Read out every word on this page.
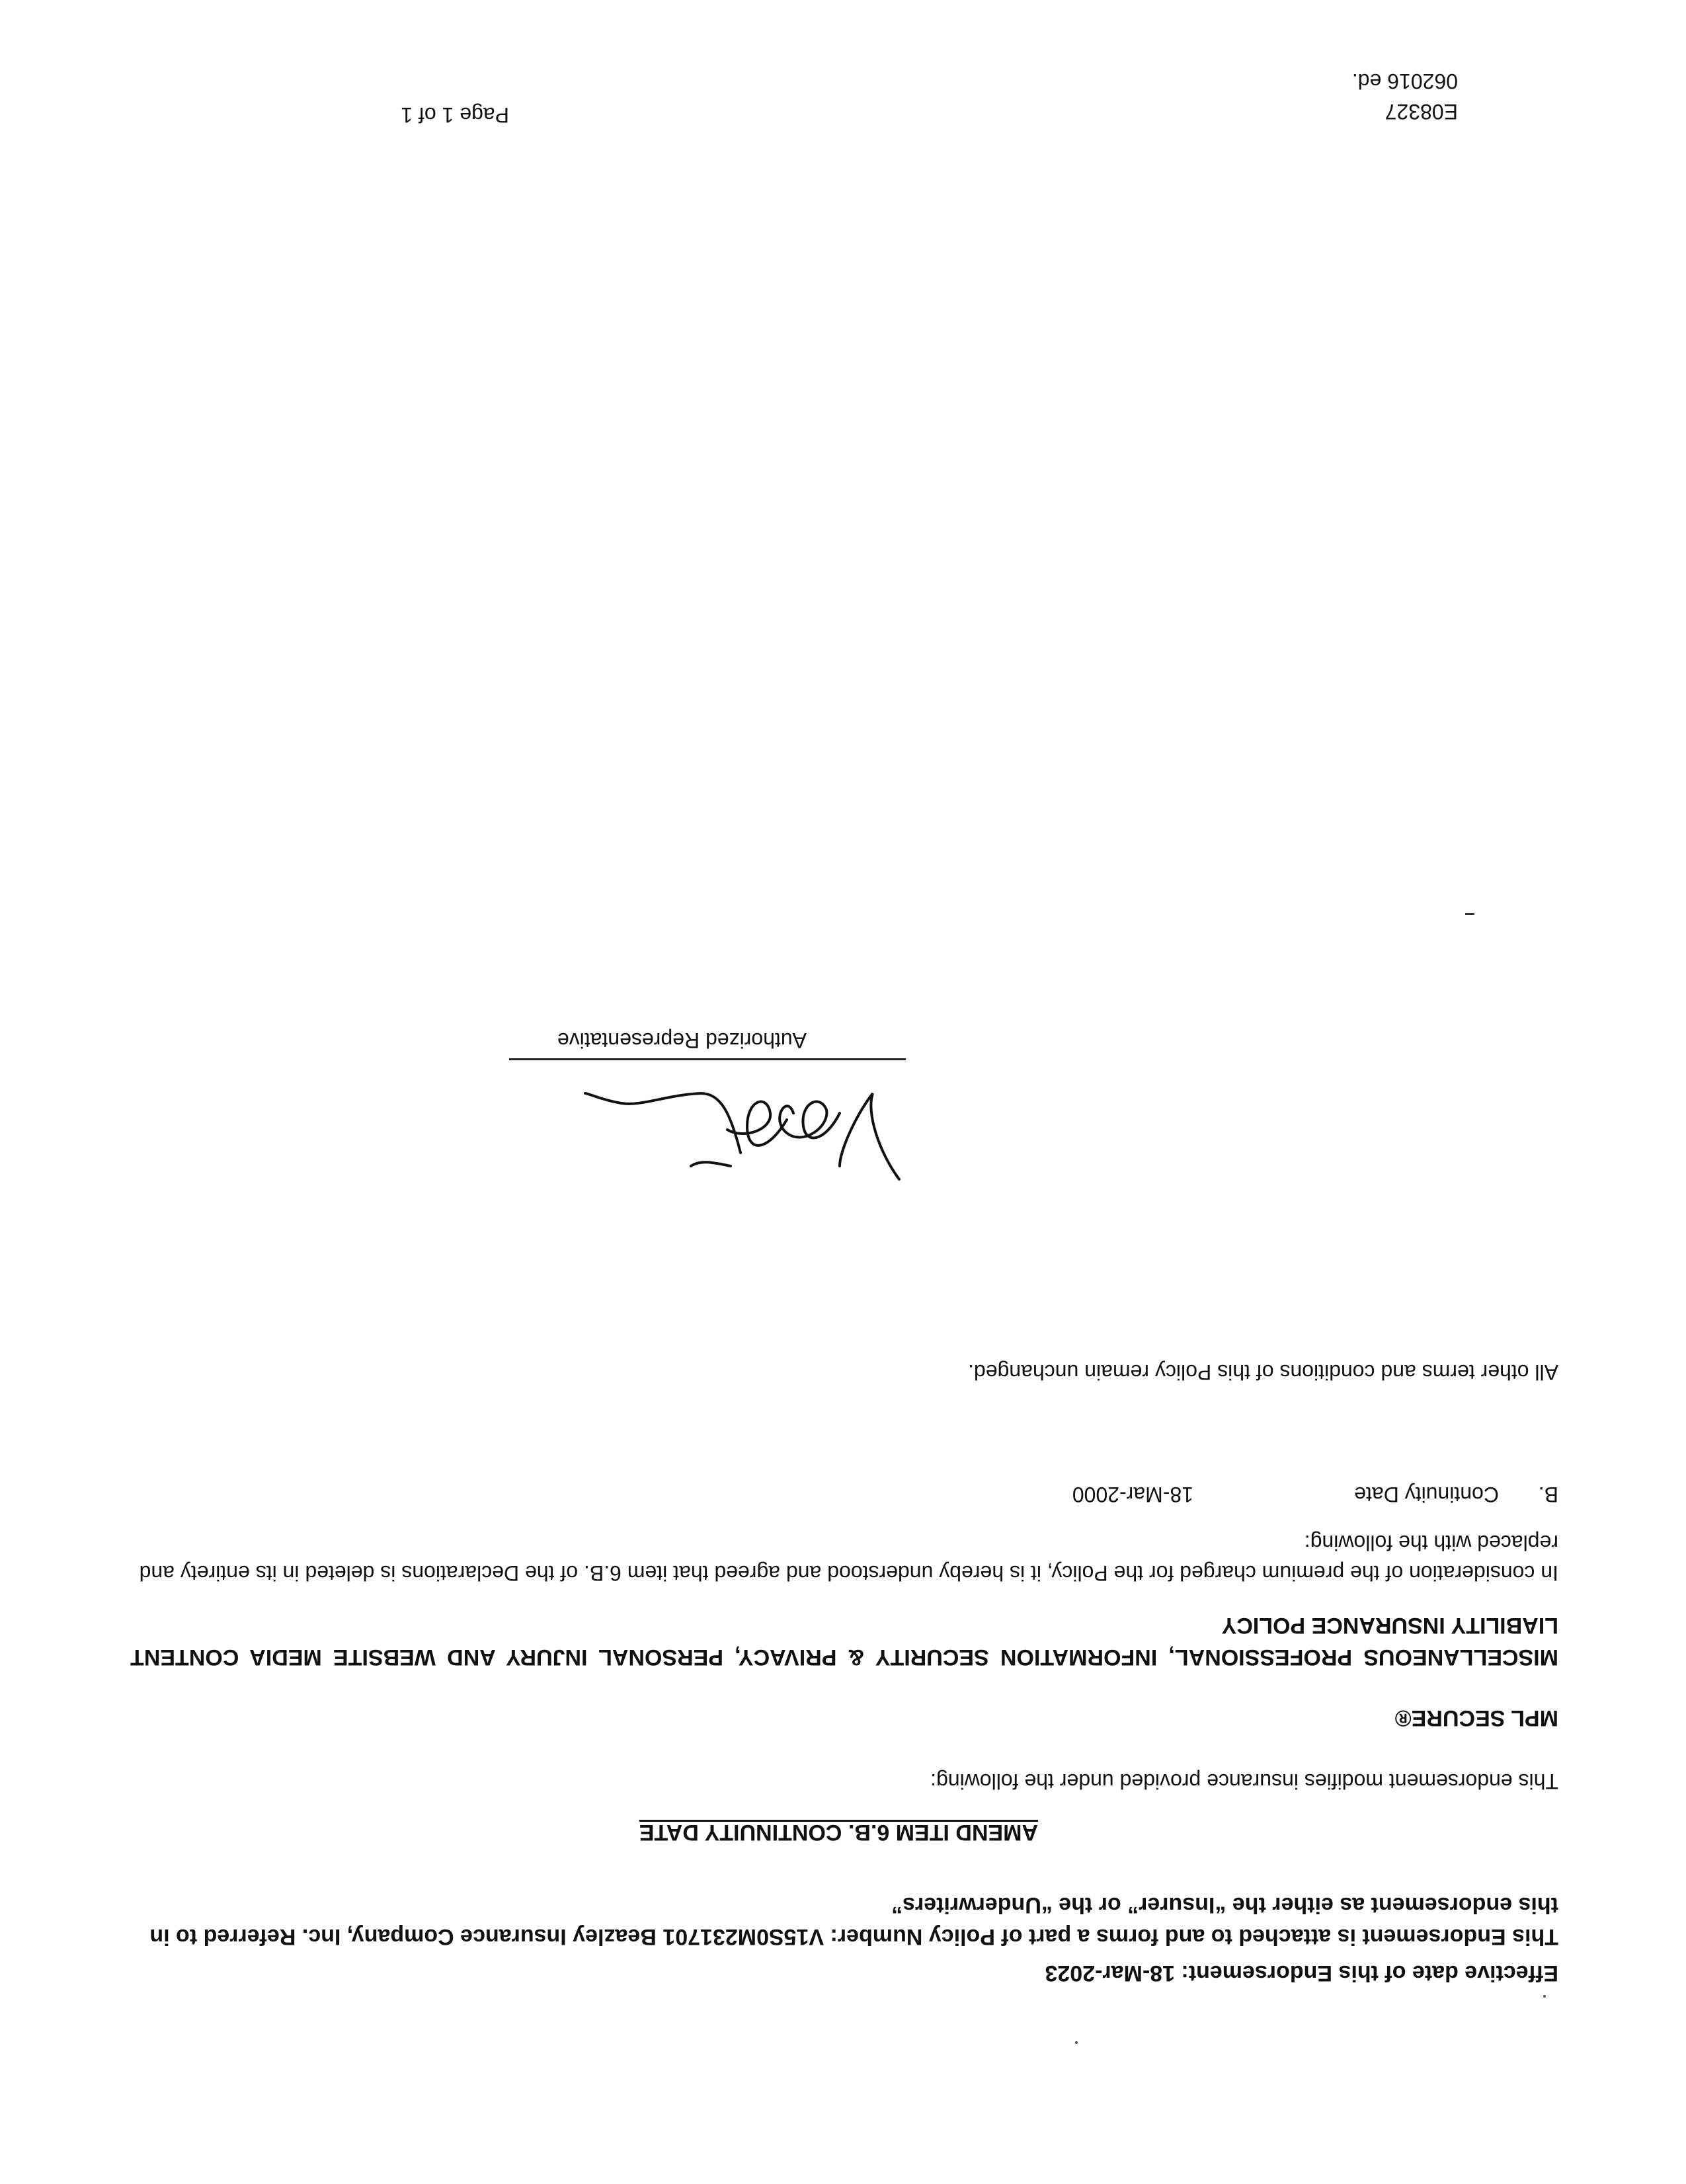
Effective date of this Endorsement: 18-Mar-2023
This Endorsement is attached to and forms a part of Policy Number: V15S0M231701 Beazley Insurance Company, Inc. Referred to in this endorsement as either the “Insurer” or the “Underwriters”
AMEND ITEM 6.B. CONTINUITY DATE
This endorsement modifies insurance provided under the following:
MPL SECURE®
MISCELLANEOUS PROFESSIONAL, INFORMATION SECURITY & PRIVACY, PERSONAL INJURY AND WEBSITE MEDIA CONTENT LIABILITY INSURANCE POLICY
In consideration of the premium charged for the Policy, it is hereby understood and agreed that item 6.B. of the Declarations is deleted in its entirety and replaced with the following:
B.
Continuity Date
18-Mar-2000
All other terms and conditions of this Policy remain unchanged.
Authorized Representative
Page 1 of 1	E08327
062016 ed.
